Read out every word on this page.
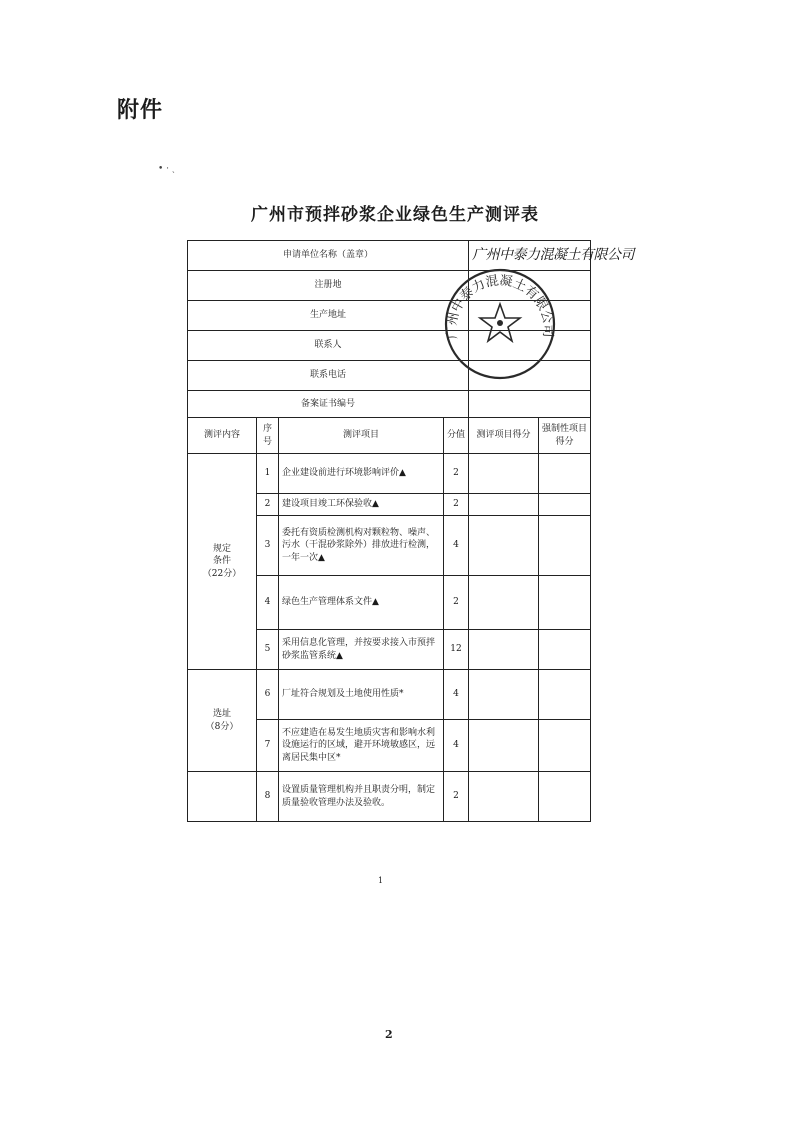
附件
• · ˎ
广州市预拌砂浆企业绿色生产测评表
申请单位名称（盖章）				广州中泰力混凝土有限公司	
注册地					
生产地址					
联系人					
联系电话					
备案证书编号					
测评内容	序号	测评项目	分值	测评项目得分	强制性项目得分

规定条件
（22分）	1	企业建设前进行环境影响评价▲	2		
	2	建设项目竣工环保验收▲	2		
	3	委托有资质检测机构对颗粒物、噪声、污水（干混砂浆除外）排放进行检测，一年一次▲	4		
	4	绿色生产管理体系文件▲	2		
	5	采用信息化管理，并按要求接入市预拌砂浆监管系统▲	12		

选址
（8分）	6	厂址符合规划及土地使用性质*	4		
	7	不应建造在易发生地质灾害和影响水利设施运行的区域，避开环境敏感区，远离居民集中区*	4		
	8	设置质量管理机构并且职责分明，制定质量验收管理办法及验收。	2		
广州中泰力混凝土有限公司
1
2
